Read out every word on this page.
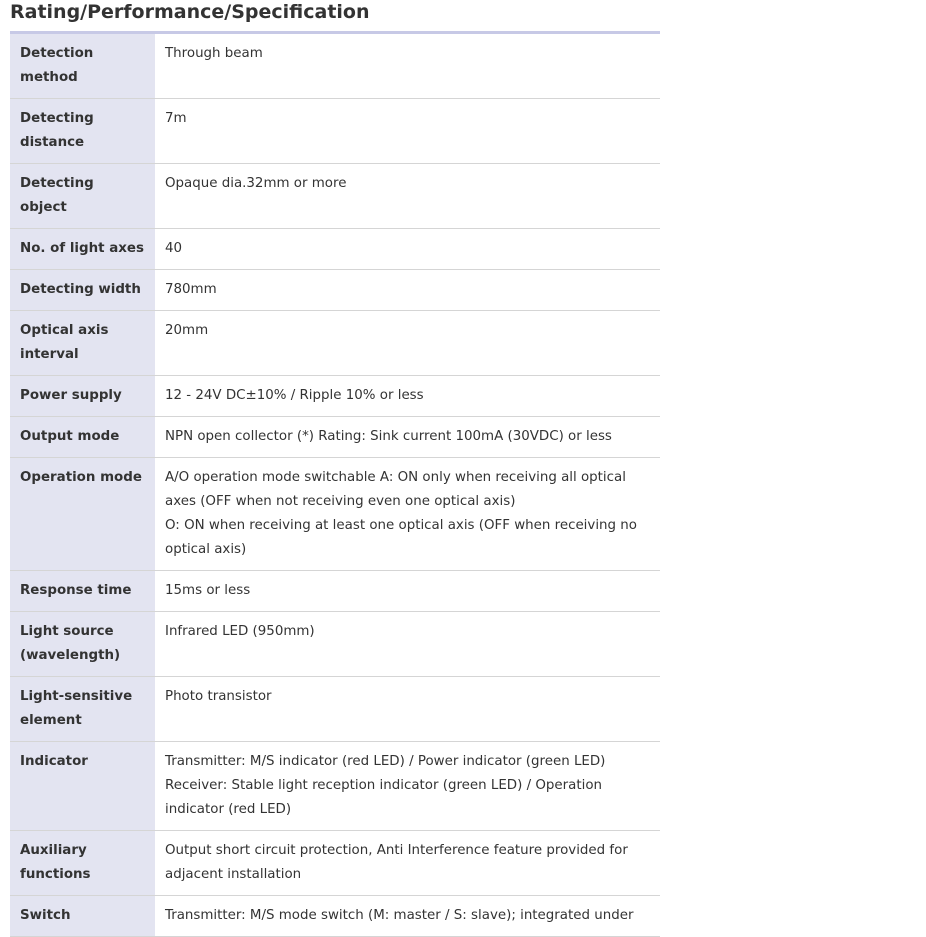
Rating/Performance/Specification
Detection method	Through beam

Detecting distance	7m

Detecting object	Opaque dia.32mm or more

No. of light axes	40

Detecting width	780mm

Optical axis interval	20mm

Power supply	12 - 24V DC±10% / Ripple 10% or less

Output mode	NPN open collector (*) Rating: Sink current 100mA (30VDC) or less

Operation mode	A/O operation mode switchable A: ON only when receiving all optical axes (OFF when not receiving even one optical axis)
O: ON when receiving at least one optical axis (OFF when receiving no optical axis)

Response time	15ms or less

Light source (wavelength)	Infrared LED (950mm)

Light-sensitive element	Photo transistor

Indicator	Transmitter: M/S indicator (red LED) / Power indicator (green LED)
Receiver: Stable light reception indicator (green LED) / Operation indicator (red LED)

Auxiliary functions	Output short circuit protection, Anti Interference feature provided for adjacent installation

Switch	Transmitter: M/S mode switch (M: master / S: slave); integrated under
